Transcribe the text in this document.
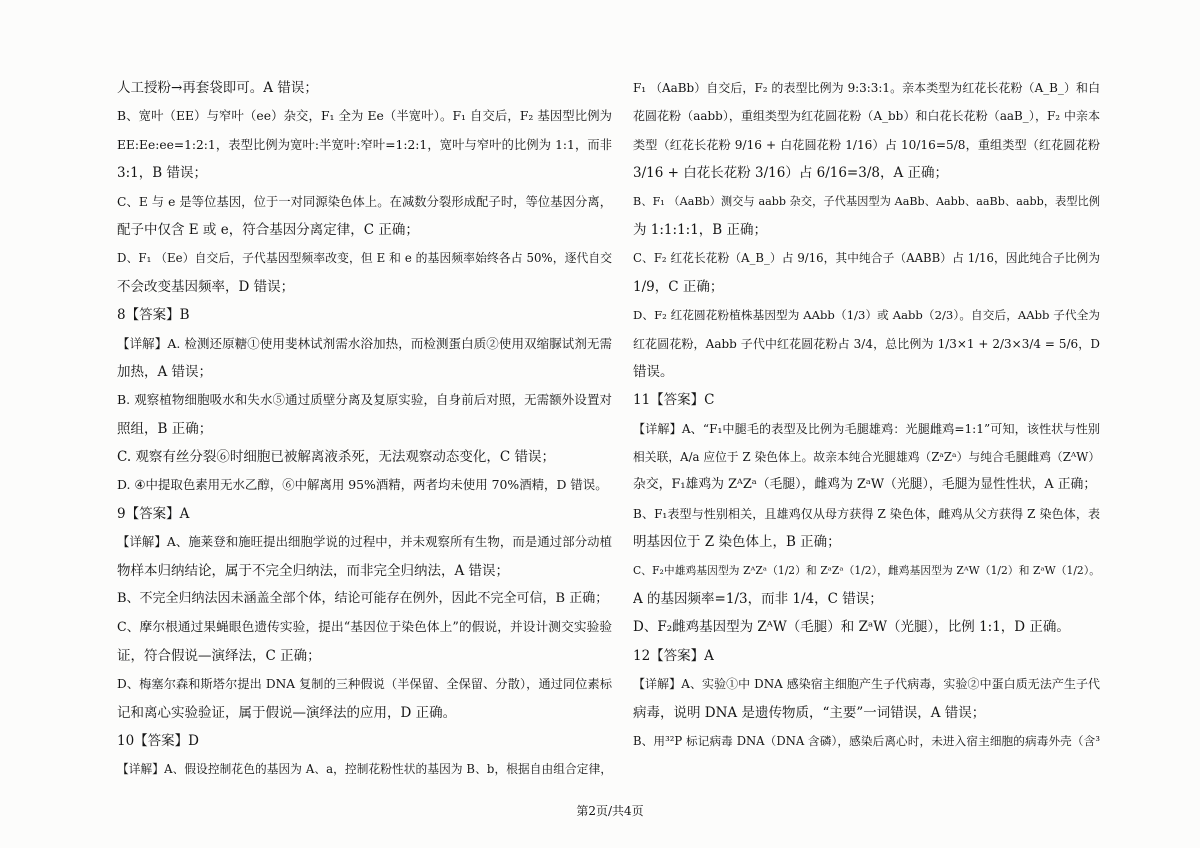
人工授粉→再套袋即可。A 错误；
B、宽叶（EE）与窄叶（ee）杂交，F₁ 全为 Ee（半宽叶）。F₁ 自交后，F₂ 基因型比例为
EE:Ee:ee=1:2:1，表型比例为宽叶:半宽叶:窄叶=1:2:1，宽叶与窄叶的比例为 1:1，而非
3:1，B 错误；
C、E 与 e 是等位基因，位于一对同源染色体上。在减数分裂形成配子时，等位基因分离，
配子中仅含 E 或 e，符合基因分离定律，C 正确；
D、F₁ （Ee）自交后，子代基因型频率改变，但 E 和 e 的基因频率始终各占 50%，逐代自交
不会改变基因频率，D 错误；
8【答案】B
【详解】A. 检测还原糖①使用斐林试剂需水浴加热，而检测蛋白质②使用双缩脲试剂无需
加热，A 错误；
B. 观察植物细胞吸水和失水⑤通过质壁分离及复原实验，自身前后对照，无需额外设置对
照组，B 正确；
C. 观察有丝分裂⑥时细胞已被解离液杀死，无法观察动态变化，C 错误；
D. ④中提取色素用无水乙醇，⑥中解离用 95%酒精，两者均未使用 70%酒精，D 错误。
9【答案】A
【详解】A、施莱登和施旺提出细胞学说的过程中，并未观察所有生物，而是通过部分动植
物样本归纳结论，属于不完全归纳法，而非完全归纳法，A 错误；
B、不完全归纳法因未涵盖全部个体，结论可能存在例外，因此不完全可信，B 正确；
C、摩尔根通过果蝇眼色遗传实验，提出“基因位于染色体上”的假说，并设计测交实验验
证，符合假说—演绎法，C 正确；
D、梅塞尔森和斯塔尔提出 DNA 复制的三种假说（半保留、全保留、分散），通过同位素标
记和离心实验验证，属于假说—演绎法的应用，D 正确。
10【答案】D
【详解】A、假设控制花色的基因为 A、a，控制花粉性状的基因为 B、b，根据自由组合定律，
F₁ （AaBb）自交后，F₂ 的表型比例为 9:3:3:1。亲本类型为红花长花粉（A_B_）和白
花圆花粉（aabb），重组类型为红花圆花粉（A_bb）和白花长花粉（aaB_），F₂ 中亲本
类型（红花长花粉 9/16 + 白花圆花粉 1/16）占 10/16=5/8，重组类型（红花圆花粉
3/16 + 白花长花粉 3/16）占 6/16=3/8，A 正确；
B、F₁ （AaBb）测交与 aabb 杂交，子代基因型为 AaBb、Aabb、aaBb、aabb，表型比例
为 1:1:1:1，B 正确；
C、F₂ 红花长花粉（A_B_）占 9/16，其中纯合子（AABB）占 1/16，因此纯合子比例为
1/9，C 正确；
D、F₂ 红花圆花粉植株基因型为 AAbb（1/3）或 Aabb（2/3）。自交后，AAbb 子代全为
红花圆花粉，Aabb 子代中红花圆花粉占 3/4，总比例为 1/3×1 + 2/3×3/4 = 5/6，D
错误。
11【答案】C
【详解】A、“F₁中腿毛的表型及比例为毛腿雄鸡：光腿雌鸡=1:1”可知，该性状与性别
相关联，A/a 应位于 Z 染色体上。故亲本纯合光腿雄鸡（ZᵃZᵃ）与纯合毛腿雌鸡（ZᴬW）
杂交，F₁雄鸡为 ZᴬZᵃ（毛腿），雌鸡为 ZᵃW（光腿），毛腿为显性性状，A 正确；
B、F₁表型与性别相关，且雄鸡仅从母方获得 Z 染色体，雌鸡从父方获得 Z 染色体，表
明基因位于 Z 染色体上，B 正确；
C、F₂中雄鸡基因型为 ZᴬZᵃ（1/2）和 ZᵃZᵃ（1/2），雌鸡基因型为 ZᴬW（1/2）和 ZᵃW（1/2）。
A 的基因频率=1/3，而非 1/4，C 错误；
D、F₂雌鸡基因型为 ZᴬW（毛腿）和 ZᵃW（光腿），比例 1:1，D 正确。
12【答案】A
【详解】A、实验①中 DNA 感染宿主细胞产生子代病毒，实验②中蛋白质无法产生子代
病毒，说明 DNA 是遗传物质，“主要”一词错误，A 错误；
B、用³²P 标记病毒 DNA（DNA 含磷），感染后离心时，未进入宿主细胞的病毒外壳（含³
第2页/共4页
